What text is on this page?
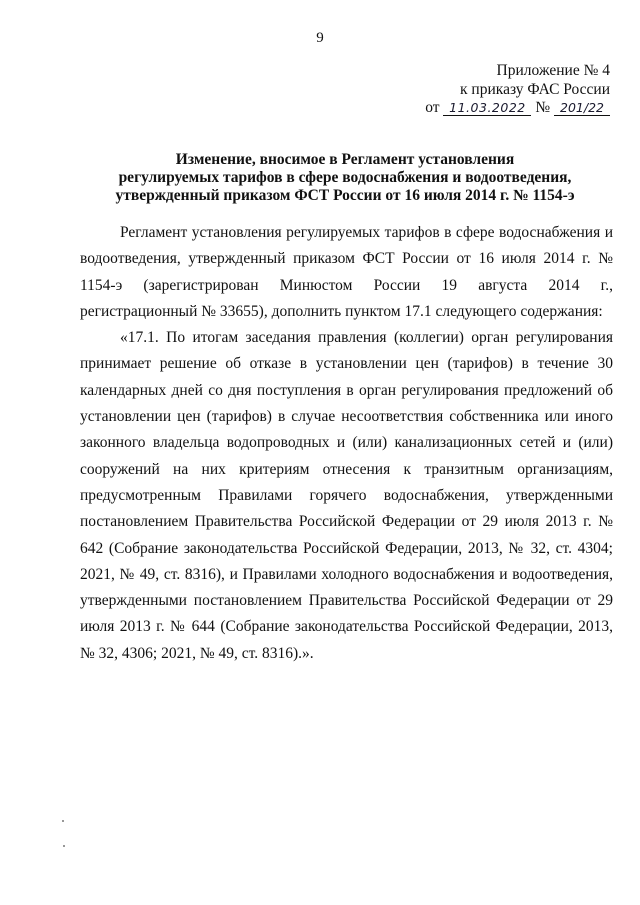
9
Приложение № 4
к приказу ФАС России
от 11.03.2022 № 201/22
Изменение, вносимое в Регламент установления
регулируемых тарифов в сфере водоснабжения и водоотведения,
утвержденный приказом ФСТ России от 16 июля 2014 г. № 1154-э

Регламент установления регулируемых тарифов в сфере водоснабжения и водоотведения, утвержденный приказом ФСТ России от 16 июля 2014 г. № 1154-э (зарегистрирован Минюстом России 19 августа 2014 г., регистрационный № 33655), дополнить пунктом 17.1 следующего содержания:

«17.1. По итогам заседания правления (коллегии) орган регулирования принимает решение об отказе в установлении цен (тарифов) в течение 30 календарных дней со дня поступления в орган регулирования предложений об установлении цен (тарифов) в случае несоответствия собственника или иного законного владельца водопроводных и (или) канализационных сетей и (или) сооружений на них критериям отнесения к транзитным организациям, предусмотренным Правилами горячего водоснабжения, утвержденными постановлением Правительства Российской Федерации от 29 июля 2013 г. № 642 (Собрание законодательства Российской Федерации, 2013, № 32, ст. 4304; 2021, № 49, ст. 8316), и Правилами холодного водоснабжения и водоотведения, утвержденными постановлением Правительства Российской Федерации от 29 июля 2013 г. № 644 (Собрание законодательства Российской Федерации, 2013, № 32, 4306; 2021, № 49, ст. 8316).».
